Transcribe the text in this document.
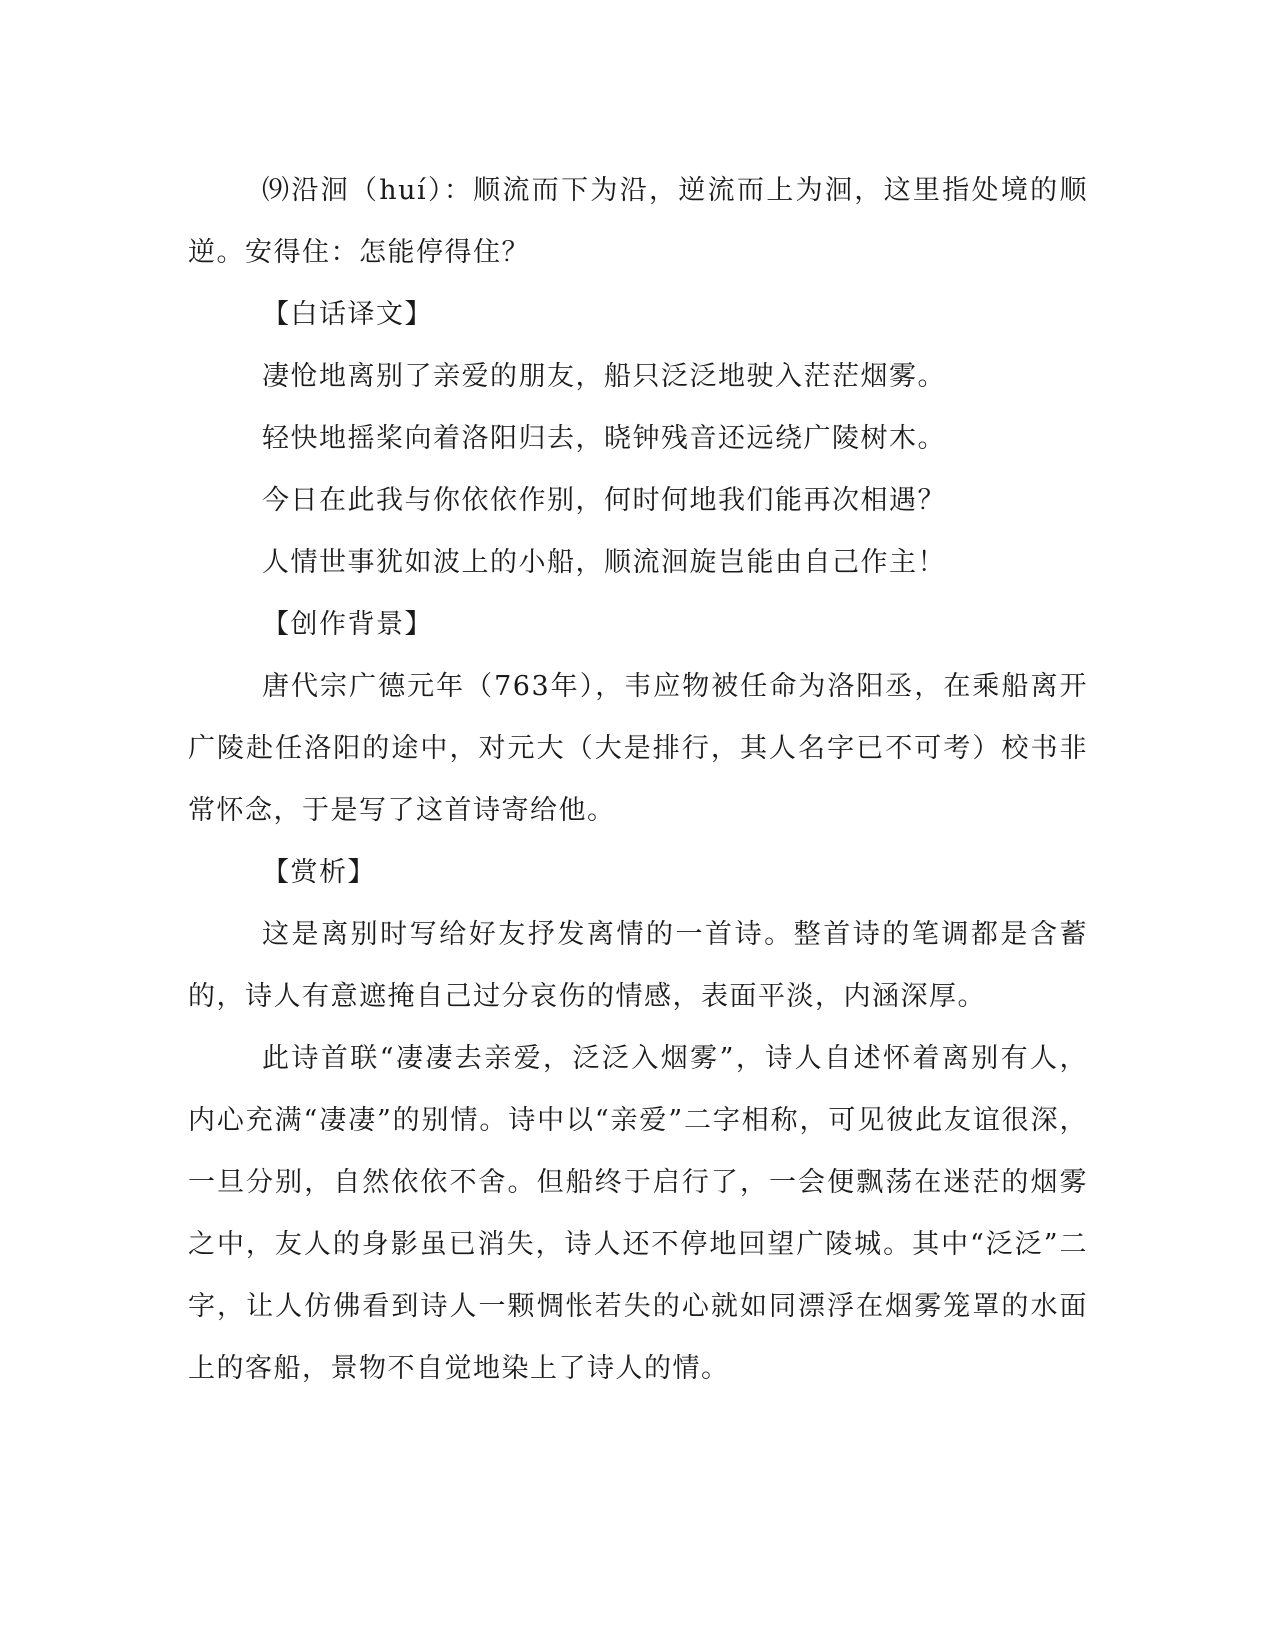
⑼沿洄（huí）：顺流而下为沿，逆流而上为洄，这里指处境的顺逆。安得住：怎能停得住？

【白话译文】

凄怆地离别了亲爱的朋友，船只泛泛地驶入茫茫烟雾。

轻快地摇桨向着洛阳归去，晓钟残音还远绕广陵树木。

今日在此我与你依依作别，何时何地我们能再次相遇？

人情世事犹如波上的小船，顺流洄旋岂能由自己作主！

【创作背景】

唐代宗广德元年（763年），韦应物被任命为洛阳丞，在乘船离开广陵赴任洛阳的途中，对元大（大是排行，其人名字已不可考）校书非常怀念，于是写了这首诗寄给他。

【赏析】

这是离别时写给好友抒发离情的一首诗。整首诗的笔调都是含蓄的，诗人有意遮掩自己过分哀伤的情感，表面平淡，内涵深厚。

此诗首联“凄凄去亲爱，泛泛入烟雾”，诗人自述怀着离别有人，内心充满“凄凄”的别情。诗中以“亲爱”二字相称，可见彼此友谊很深，一旦分别，自然依依不舍。但船终于启行了，一会便飘荡在迷茫的烟雾之中，友人的身影虽已消失，诗人还不停地回望广陵城。其中“泛泛”二字，让人仿佛看到诗人一颗惆怅若失的心就如同漂浮在烟雾笼罩的水面上的客船，景物不自觉地染上了诗人的情。
